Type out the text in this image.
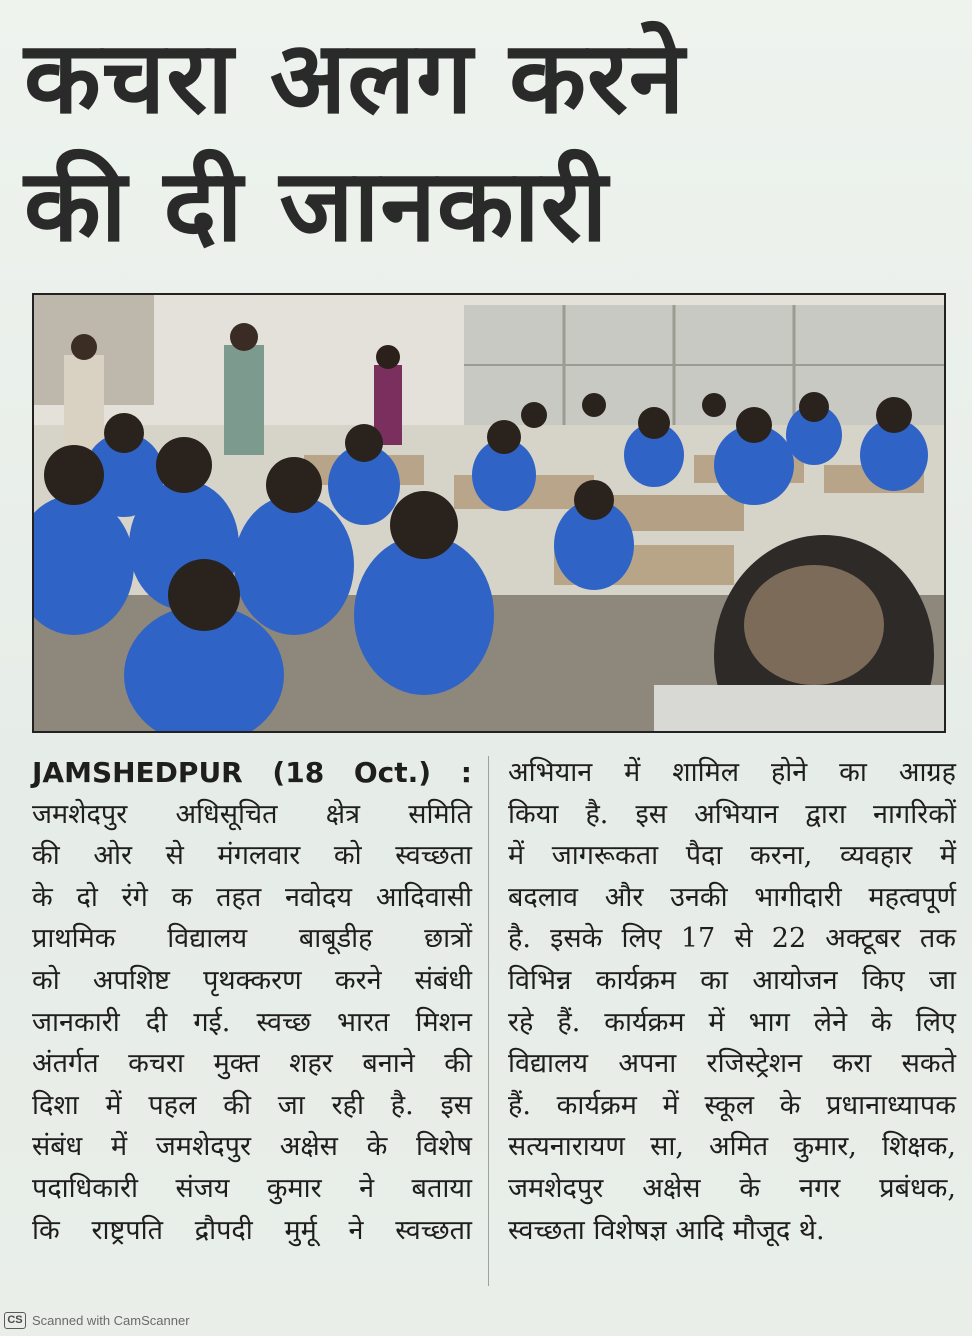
कचरा अलग करने
की दी जानकारी
JAMSHEDPUR (18 Oct.) :
जमशेदपुर अधिसूचित क्षेत्र समिति
की ओर से मंगलवार को स्वच्छता
के दो रंगे क तहत नवोदय आदिवासी
प्राथमिक विद्यालय बाबूडीह छात्रों
को अपशिष्ट पृथक्करण करने संबंधी
जानकारी दी गई. स्वच्छ भारत मिशन
अंतर्गत कचरा मुक्त शहर बनाने की
दिशा में पहल की जा रही है. इस
संबंध में जमशेदपुर अक्षेस के विशेष
पदाधिकारी संजय कुमार ने बताया
कि राष्ट्रपति द्रौपदी मुर्मू ने स्वच्छता
अभियान में शामिल होने का आग्रह
किया है. इस अभियान द्वारा नागरिकों
में जागरूकता पैदा करना, व्यवहार में
बदलाव और उनकी भागीदारी महत्वपूर्ण
है. इसके लिए 17 से 22 अक्टूबर तक
विभिन्न कार्यक्रम का आयोजन किए जा
रहे हैं. कार्यक्रम में भाग लेने के लिए
विद्यालय अपना रजिस्ट्रेशन करा सकते
हैं. कार्यक्रम में स्कूल के प्रधानाध्यापक
सत्यनारायण सा, अमित कुमार, शिक्षक,
जमशेदपुर अक्षेस के नगर प्रबंधक,
स्वच्छता विशेषज्ञ आदि मौजूद थे.
CS Scanned with CamScanner
